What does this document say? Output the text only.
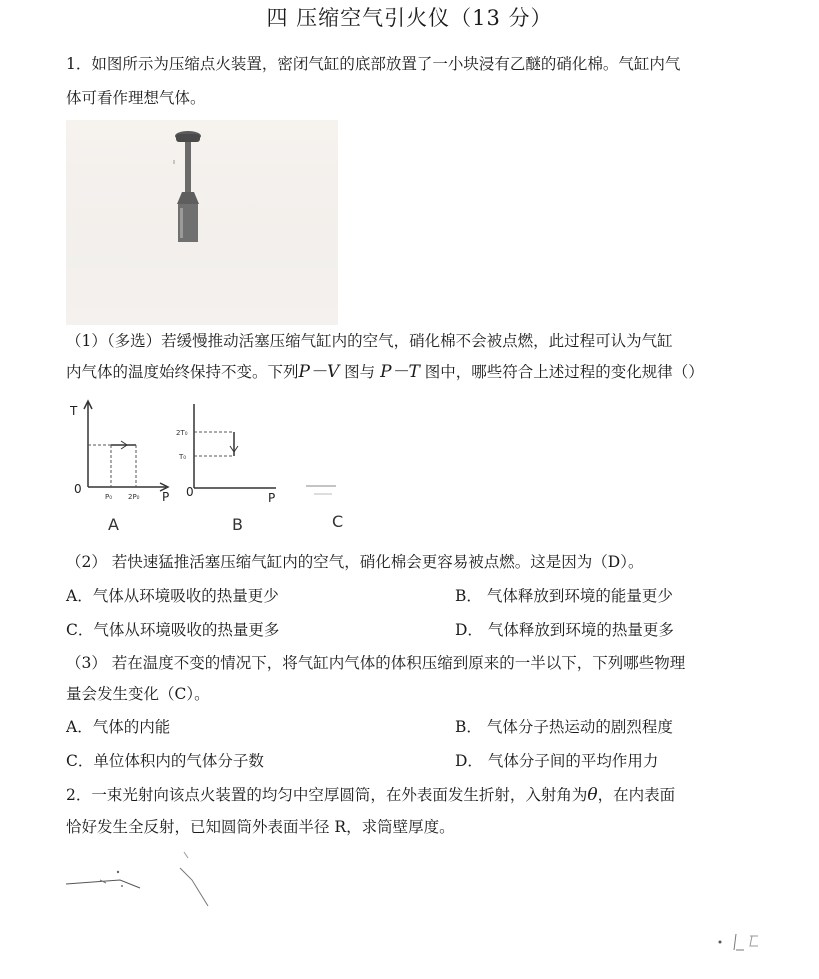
四 压缩空气引火仪（13 分）
1．如图所示为压缩点火装置，密闭气缸的底部放置了一小块浸有乙醚的硝化棉。气缸内气
体可看作理想气体。
（1）（多选）若缓慢推动活塞压缩气缸内的空气，硝化棉不会被点燃，此过程可认为气缸
内气体的温度始终保持不变。下列P－V 图与 P－T 图中，哪些符合上述过程的变化规律（）
T
0
P
P₀ 2P₀
A
2T₀
T₀
0	P
B	C
（2） 若快速猛推活塞压缩气缸内的空气，硝化棉会更容易被点燃。这是因为（D）。
A．气体从环境吸收的热量更少	B． 气体释放到环境的能量更少
C．气体从环境吸收的热量更多	D． 气体释放到环境的热量更多
（3） 若在温度不变的情况下，将气缸内气体的体积压缩到原来的一半以下，下列哪些物理
量会发生变化（C）。
A．气体的内能	B． 气体分子热运动的剧烈程度
C．单位体积内的气体分子数	D． 气体分子间的平均作用力
2．一束光射向该点火装置的均匀中空厚圆筒，在外表面发生折射，入射角为θ，在内表面
恰好发生全反射，已知圆筒外表面半径 R，求筒壁厚度。
